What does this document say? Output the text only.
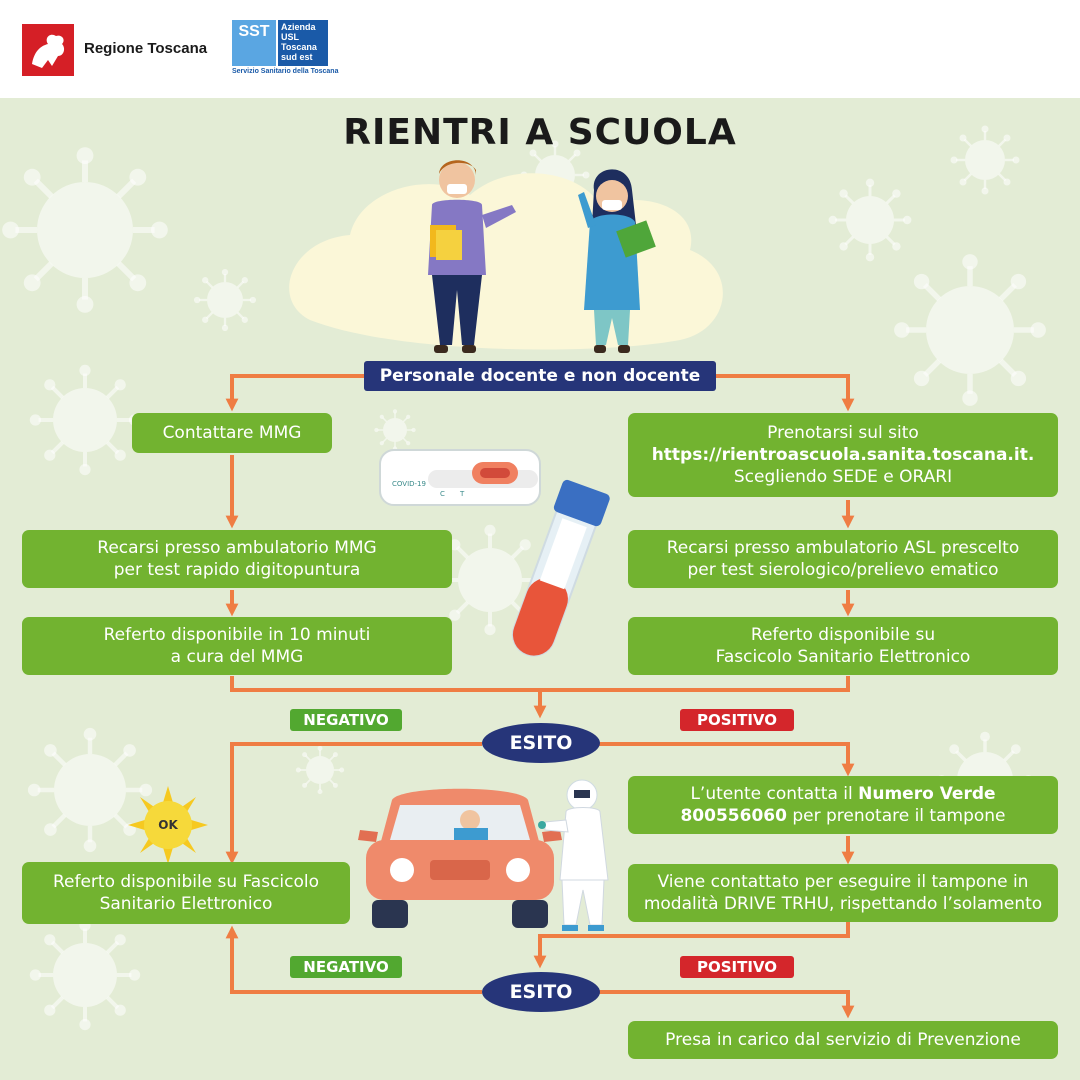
Regione Toscana
SST	Azienda
USL
Toscana
sud est
Servizio Sanitario della Toscana
RIENTRI A SCUOLA
COVID-19
C T
Personale docente e non docente
Contattare MMG
Recarsi presso ambulatorio MMG
per test rapido digitopuntura
Referto disponibile in 10 minuti
a cura del MMG
Prenotarsi sul sito
https://rientroascuola.sanita.toscana.it.
Scegliendo SEDE e ORARI
Recarsi presso ambulatorio ASL prescelto
per test sierologico/prelievo ematico
Referto disponibile su
Fascicolo Sanitario Elettronico
NEGATIVO	POSITIVO
ESITO
OK
Referto disponibile su Fascicolo
Sanitario Elettronico
L’utente contatta il Numero Verde
800556060 per prenotare il tampone
Viene contattato per eseguire il tampone in
modalità DRIVE TRHU, rispettando l’solamento
NEGATIVO	POSITIVO
ESITO
Presa in carico dal servizio di Prevenzione
